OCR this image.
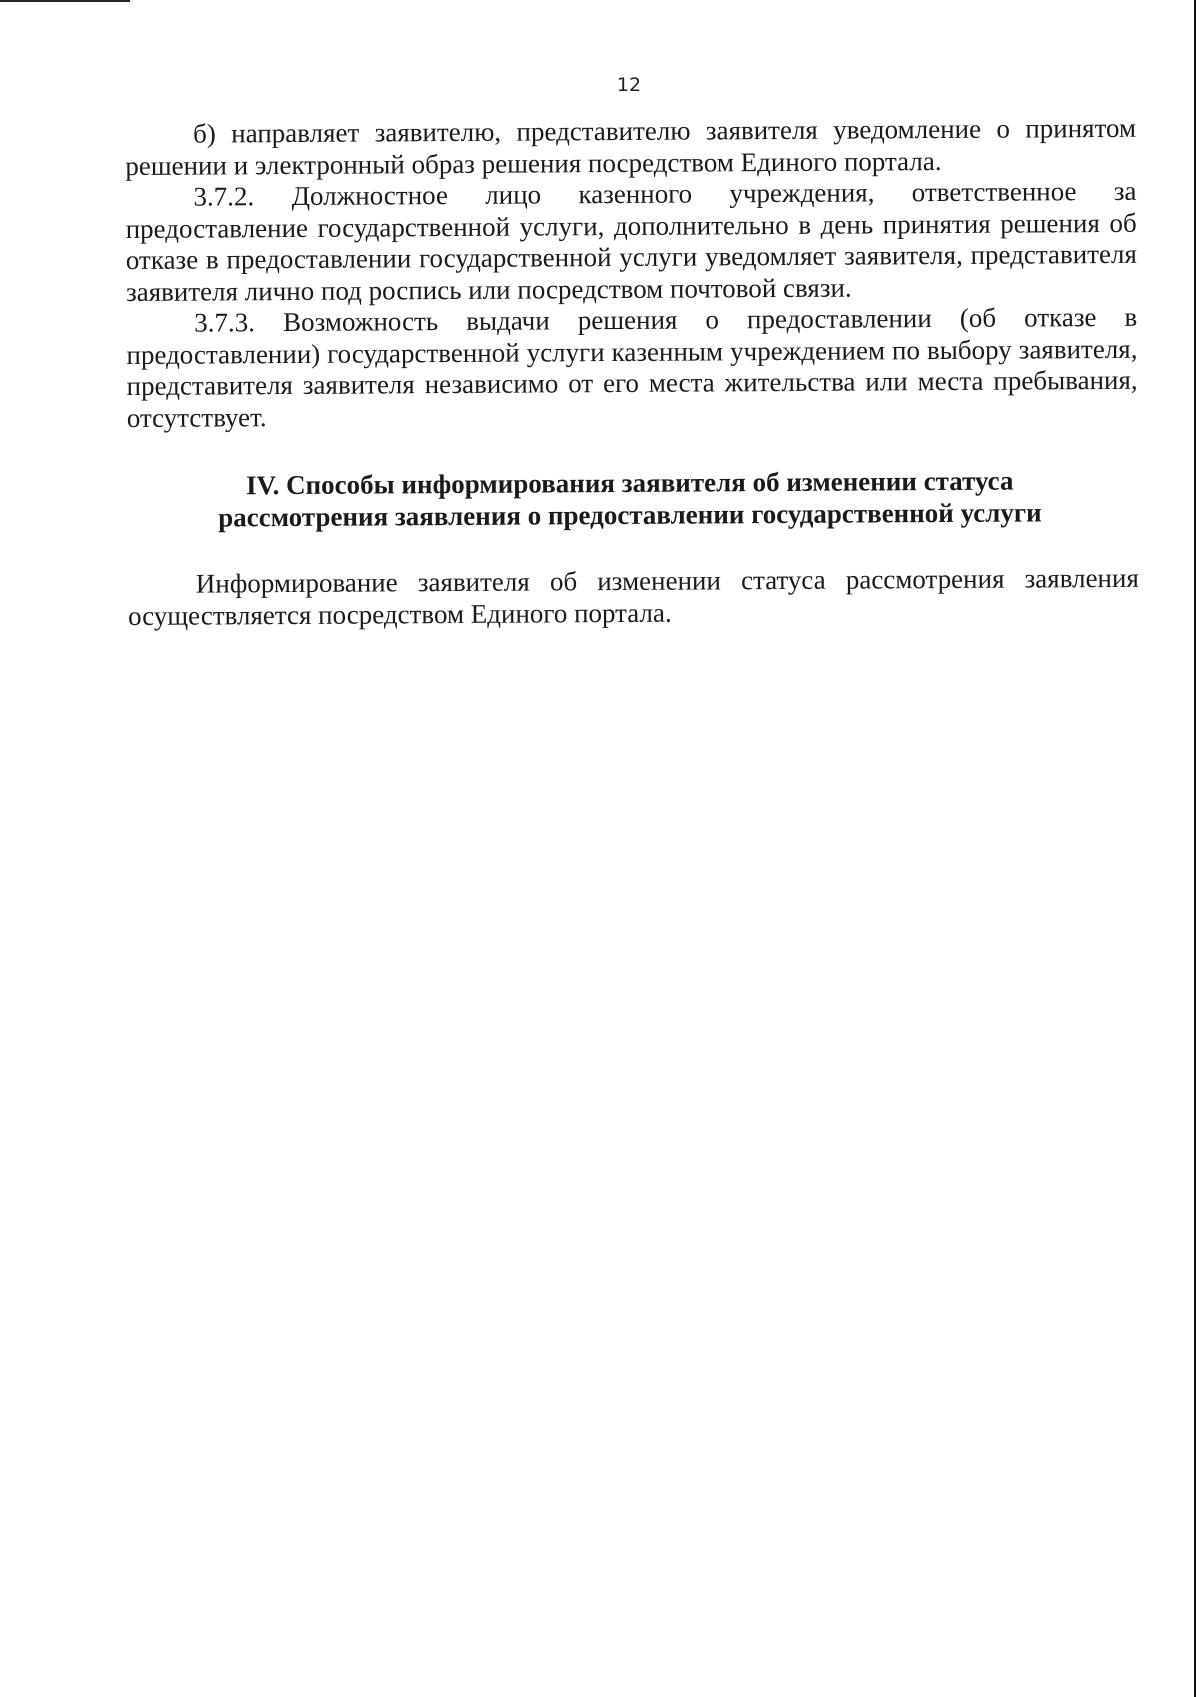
12

б) направляет заявителю, представителю заявителя уведомление о принятом решении и электронный образ решения посредством Единого портала.

3.7.2. Должностное лицо казенного учреждения, ответственное за предоставление государственной услуги, дополнительно в день принятия решения об отказе в предоставлении государственной услуги уведомляет заявителя, представителя заявителя лично под роспись или посредством почтовой связи.

3.7.3. Возможность выдачи решения о предоставлении (об отказе в предоставлении) государственной услуги казенным учреждением по выбору заявителя, представителя заявителя независимо от его места жительства или места пребывания, отсутствует.

IV. Способы информирования заявителя об изменении статуса
рассмотрения заявления о предоставлении государственной услуги

Информирование заявителя об изменении статуса рассмотрения заявления осуществляется посредством Единого портала.
